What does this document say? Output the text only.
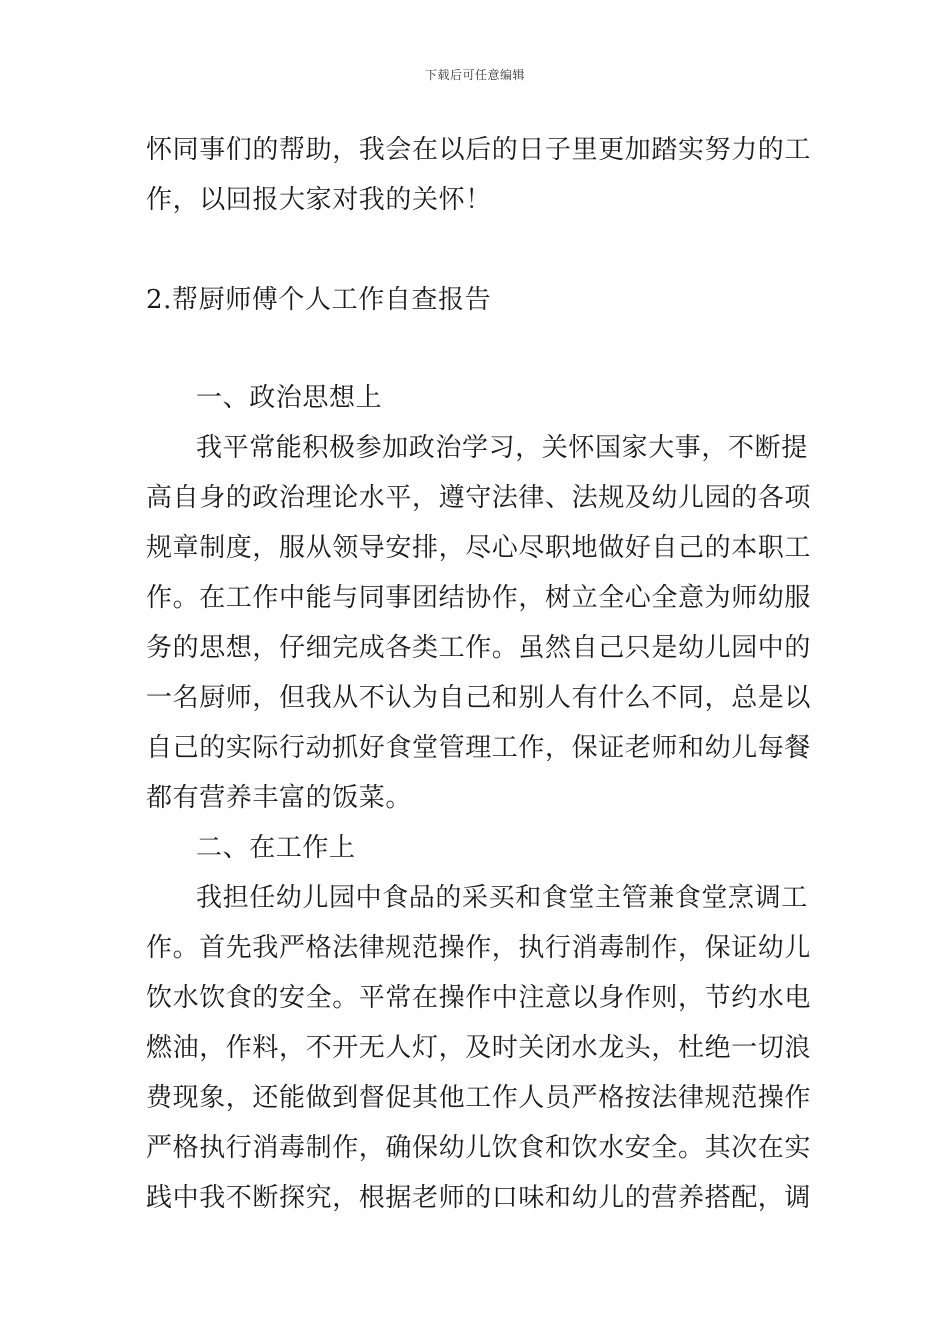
下载后可任意编辑
怀同事们的帮助，我会在以后的日子里更加踏实努力的工
作，以回报大家对我的关怀！
2.帮厨师傅个人工作自查报告
一、政治思想上
我平常能积极参加政治学习，关怀国家大事，不断提
高自身的政治理论水平，遵守法律、法规及幼儿园的各项
规章制度，服从领导安排，尽心尽职地做好自己的本职工
作。在工作中能与同事团结协作，树立全心全意为师幼服
务的思想，仔细完成各类工作。虽然自己只是幼儿园中的
一名厨师，但我从不认为自己和别人有什么不同，总是以
自己的实际行动抓好食堂管理工作，保证老师和幼儿每餐
都有营养丰富的饭菜。
二、在工作上
我担任幼儿园中食品的采买和食堂主管兼食堂烹调工
作。首先我严格法律规范操作，执行消毒制作，保证幼儿
饮水饮食的安全。平常在操作中注意以身作则，节约水电
燃油，作料，不开无人灯，及时关闭水龙头，杜绝一切浪
费现象，还能做到督促其他工作人员严格按法律规范操作
严格执行消毒制作，确保幼儿饮食和饮水安全。其次在实
践中我不断探究，根据老师的口味和幼儿的营养搭配，调
